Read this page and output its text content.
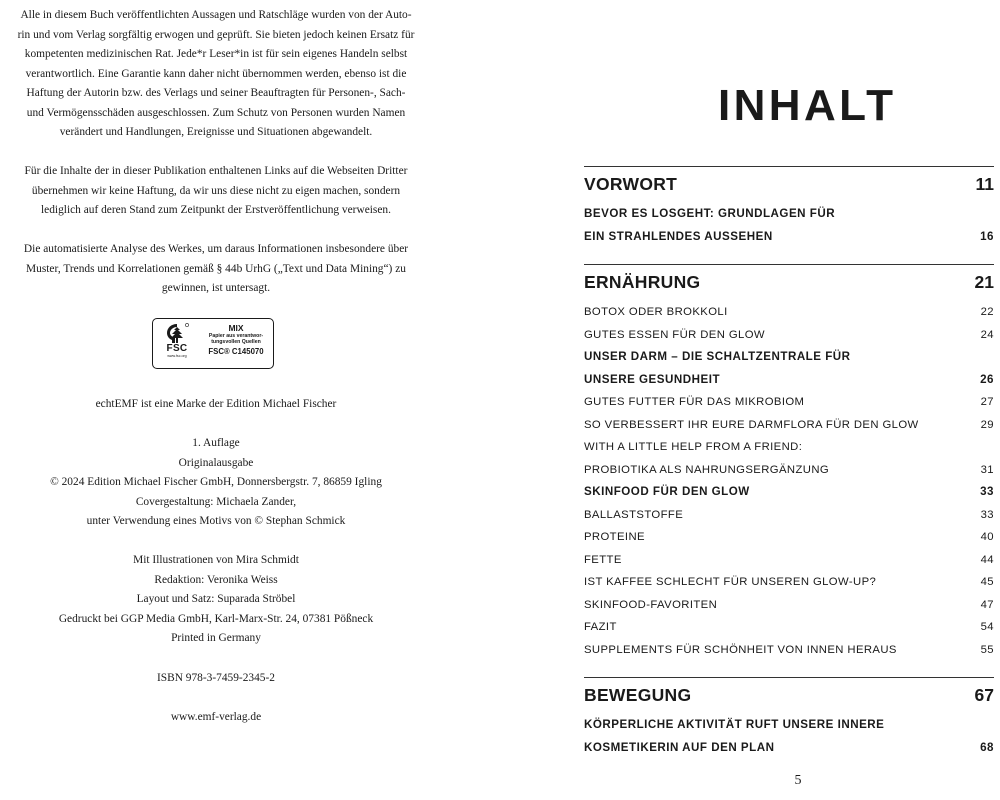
Alle in diesem Buch veröffentlichten Aussagen und Ratschläge wurden von der Auto-
rin und vom Verlag sorgfältig erwogen und geprüft. Sie bieten jedoch keinen Ersatz für
kompetenten medizinischen Rat. Jede*r Leser*in ist für sein eigenes Handeln selbst
verantwortlich. Eine Garantie kann daher nicht übernommen werden, ebenso ist die
Haftung der Autorin bzw. des Verlags und seiner Beauftragten für Personen-, Sach-
und Vermögensschäden ausgeschlossen. Zum Schutz von Personen wurden Namen
verändert und Handlungen, Ereignisse und Situationen abgewandelt.

Für die Inhalte der in dieser Publikation enthaltenen Links auf die Webseiten Dritter
übernehmen wir keine Haftung, da wir uns diese nicht zu eigen machen, sondern
lediglich auf deren Stand zum Zeitpunkt der Erstveröffentlichung verweisen.

Die automatisierte Analyse des Werkes, um daraus Informationen insbesondere über
Muster, Trends und Korrelationen gemäß § 44b UrhG („Text und Data Mining“) zu
gewinnen, ist untersagt.

FSC
www.fsc.org
MIX
Papier aus verantwor-
tungsvollen Quellen
FSC® C145070
echtEMF ist eine Marke der Edition Michael Fischer

1. Auflage
Originalausgabe
© 2024 Edition Michael Fischer GmbH, Donnersbergstr. 7, 86859 Igling
Covergestaltung: Michaela Zander,
unter Verwendung eines Motivs von © Stephan Schmick

Mit Illustrationen von Mira Schmidt
Redaktion: Veronika Weiss
Layout und Satz: Suparada Ströbel
Gedruckt bei GGP Media GmbH, Karl-Marx-Str. 24, 07381 Pößneck
Printed in Germany

ISBN 978-3-7459-2345-2
www.emf-verlag.de
INHALT
VORWORT	11
BEVOR ES LOSGEHT: GRUNDLAGEN FÜR
EIN STRAHLENDES AUSSEHEN	16
ERNÄHRUNG	21
BOTOX ODER BROKKOLI	22
GUTES ESSEN FÜR DEN GLOW	24
UNSER DARM – DIE SCHALTZENTRALE FÜR
UNSERE GESUNDHEIT	26
GUTES FUTTER FÜR DAS MIKROBIOM	27
SO VERBESSERT IHR EURE DARMFLORA FÜR DEN GLOW	29
WITH A LITTLE HELP FROM A FRIEND:
PROBIOTIKA ALS NAHRUNGSERGÄNZUNG	31
SKINFOOD FÜR DEN GLOW	33
BALLASTSTOFFE	33
PROTEINE	40
FETTE	44
IST KAFFEE SCHLECHT FÜR UNSEREN GLOW-UP?	45
SKINFOOD-FAVORITEN	47
FAZIT	54
SUPPLEMENTS FÜR SCHÖNHEIT VON INNEN HERAUS	55
BEWEGUNG	67
KÖRPERLICHE AKTIVITÄT RUFT UNSERE INNERE
KOSMETIKERIN AUF DEN PLAN	68
5
